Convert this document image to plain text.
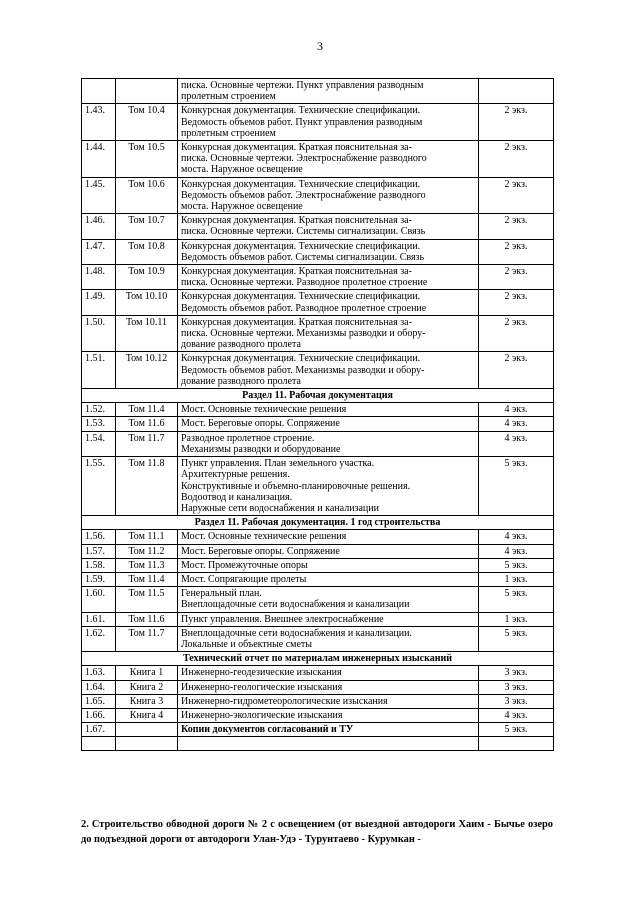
3

		писка. Основные чертежи. Пункт управления разводным
пролетным строением	

1.43.	Том 10.4	Конкурсная документация. Технические спецификации.
Ведомость объемов работ. Пункт управления разводным
пролетным строением	2 экз.
1.44.	Том 10.5	Конкурсная документация. Краткая пояснительная за-
писка. Основные чертежи. Электроснабжение разводного
моста. Наружное освещение	2 экз.
1.45.	Том 10.6	Конкурсная документация. Технические спецификации.
Ведомость объемов работ. Электроснабжение разводного
моста. Наружное освещение	2 экз.
1.46.	Том 10.7	Конкурсная документация. Краткая пояснительная за-
писка. Основные чертежи. Системы сигнализации. Связь	2 экз.
1.47.	Том 10.8	Конкурсная документация. Технические спецификации.
Ведомость объемов работ. Системы сигнализации. Связь	2 экз.
1.48.	Том 10.9	Конкурсная документация. Краткая пояснительная за-
писка. Основные чертежи. Разводное пролетное строение	2 экз.
1.49.	Том 10.10	Конкурсная документация. Технические спецификации.
Ведомость объемов работ. Разводное пролетное строение	2 экз.
1.50.	Том 10.11	Конкурсная документация. Краткая пояснительная за-
писка. Основные чертежи. Механизмы разводки и обору-
дование разводного пролета	2 экз.
1.51.	Том 10.12	Конкурсная документация. Технические спецификации.
Ведомость объемов работ. Механизмы разводки и обору-
дование разводного пролета	2 экз.
Раздел 11. Рабочая документация			
1.52.	Том 11.4	Мост. Основные технические решения	4 экз.
1.53.	Том 11.6	Мост. Береговые опоры. Сопряжение	4 экз.
1.54.	Том 11.7	Разводное пролетное строение.
Механизмы разводки и оборудование	4 экз.
1.55.	Том 11.8	Пункт управления. План земельного участка.
Архитектурные решения.
Конструктивные и объемно-планировочные решения.
Водоотвод и канализация.
Наружные сети водоснабжения и канализации	5 экз.
Раздел 11. Рабочая документация. 1 год строительства			
1.56.	Том 11.1	Мост. Основные технические решения	4 экз.
1.57.	Том 11.2	Мост. Береговые опоры. Сопряжение	4 экз.
1.58.	Том 11.3	Мост. Промежуточные опоры	5 экз.
1.59.	Том 11.4	Мост. Сопрягающие пролеты	1 экз.
1.60.	Том 11.5	Генеральный план.
Внеплощадочные сети водоснабжения и канализации	5 экз.
1.61.	Том 11.6	Пункт управления. Внешнее электроснабжение	1 экз.
1.62.	Том 11.7	Внеплощадочные сети водоснабжения и канализации.
Локальные и объектные сметы	5 экз.
Технический отчет по материалам инженерных изысканий			
1.63.	Книга 1	Инженерно-геодезические изыскания	3 экз.
1.64.	Книга 2	Инженерно-геологические изыскания	3 экз.
1.65.	Книга 3	Инженерно-гидрометеорологические изыскания	3 экз.
1.66.	Книга 4	Инженерно-экологические изыскания	4 экз.
1.67.		Копии документов согласований и ТУ	5 экз.

2. Строительство обводной дороги № 2 с освещением (от выездной автодороги Хаим - Бычье озеро до подъездной дороги от автодороги Улан-Удэ - Турунтаево - Курумкан -
